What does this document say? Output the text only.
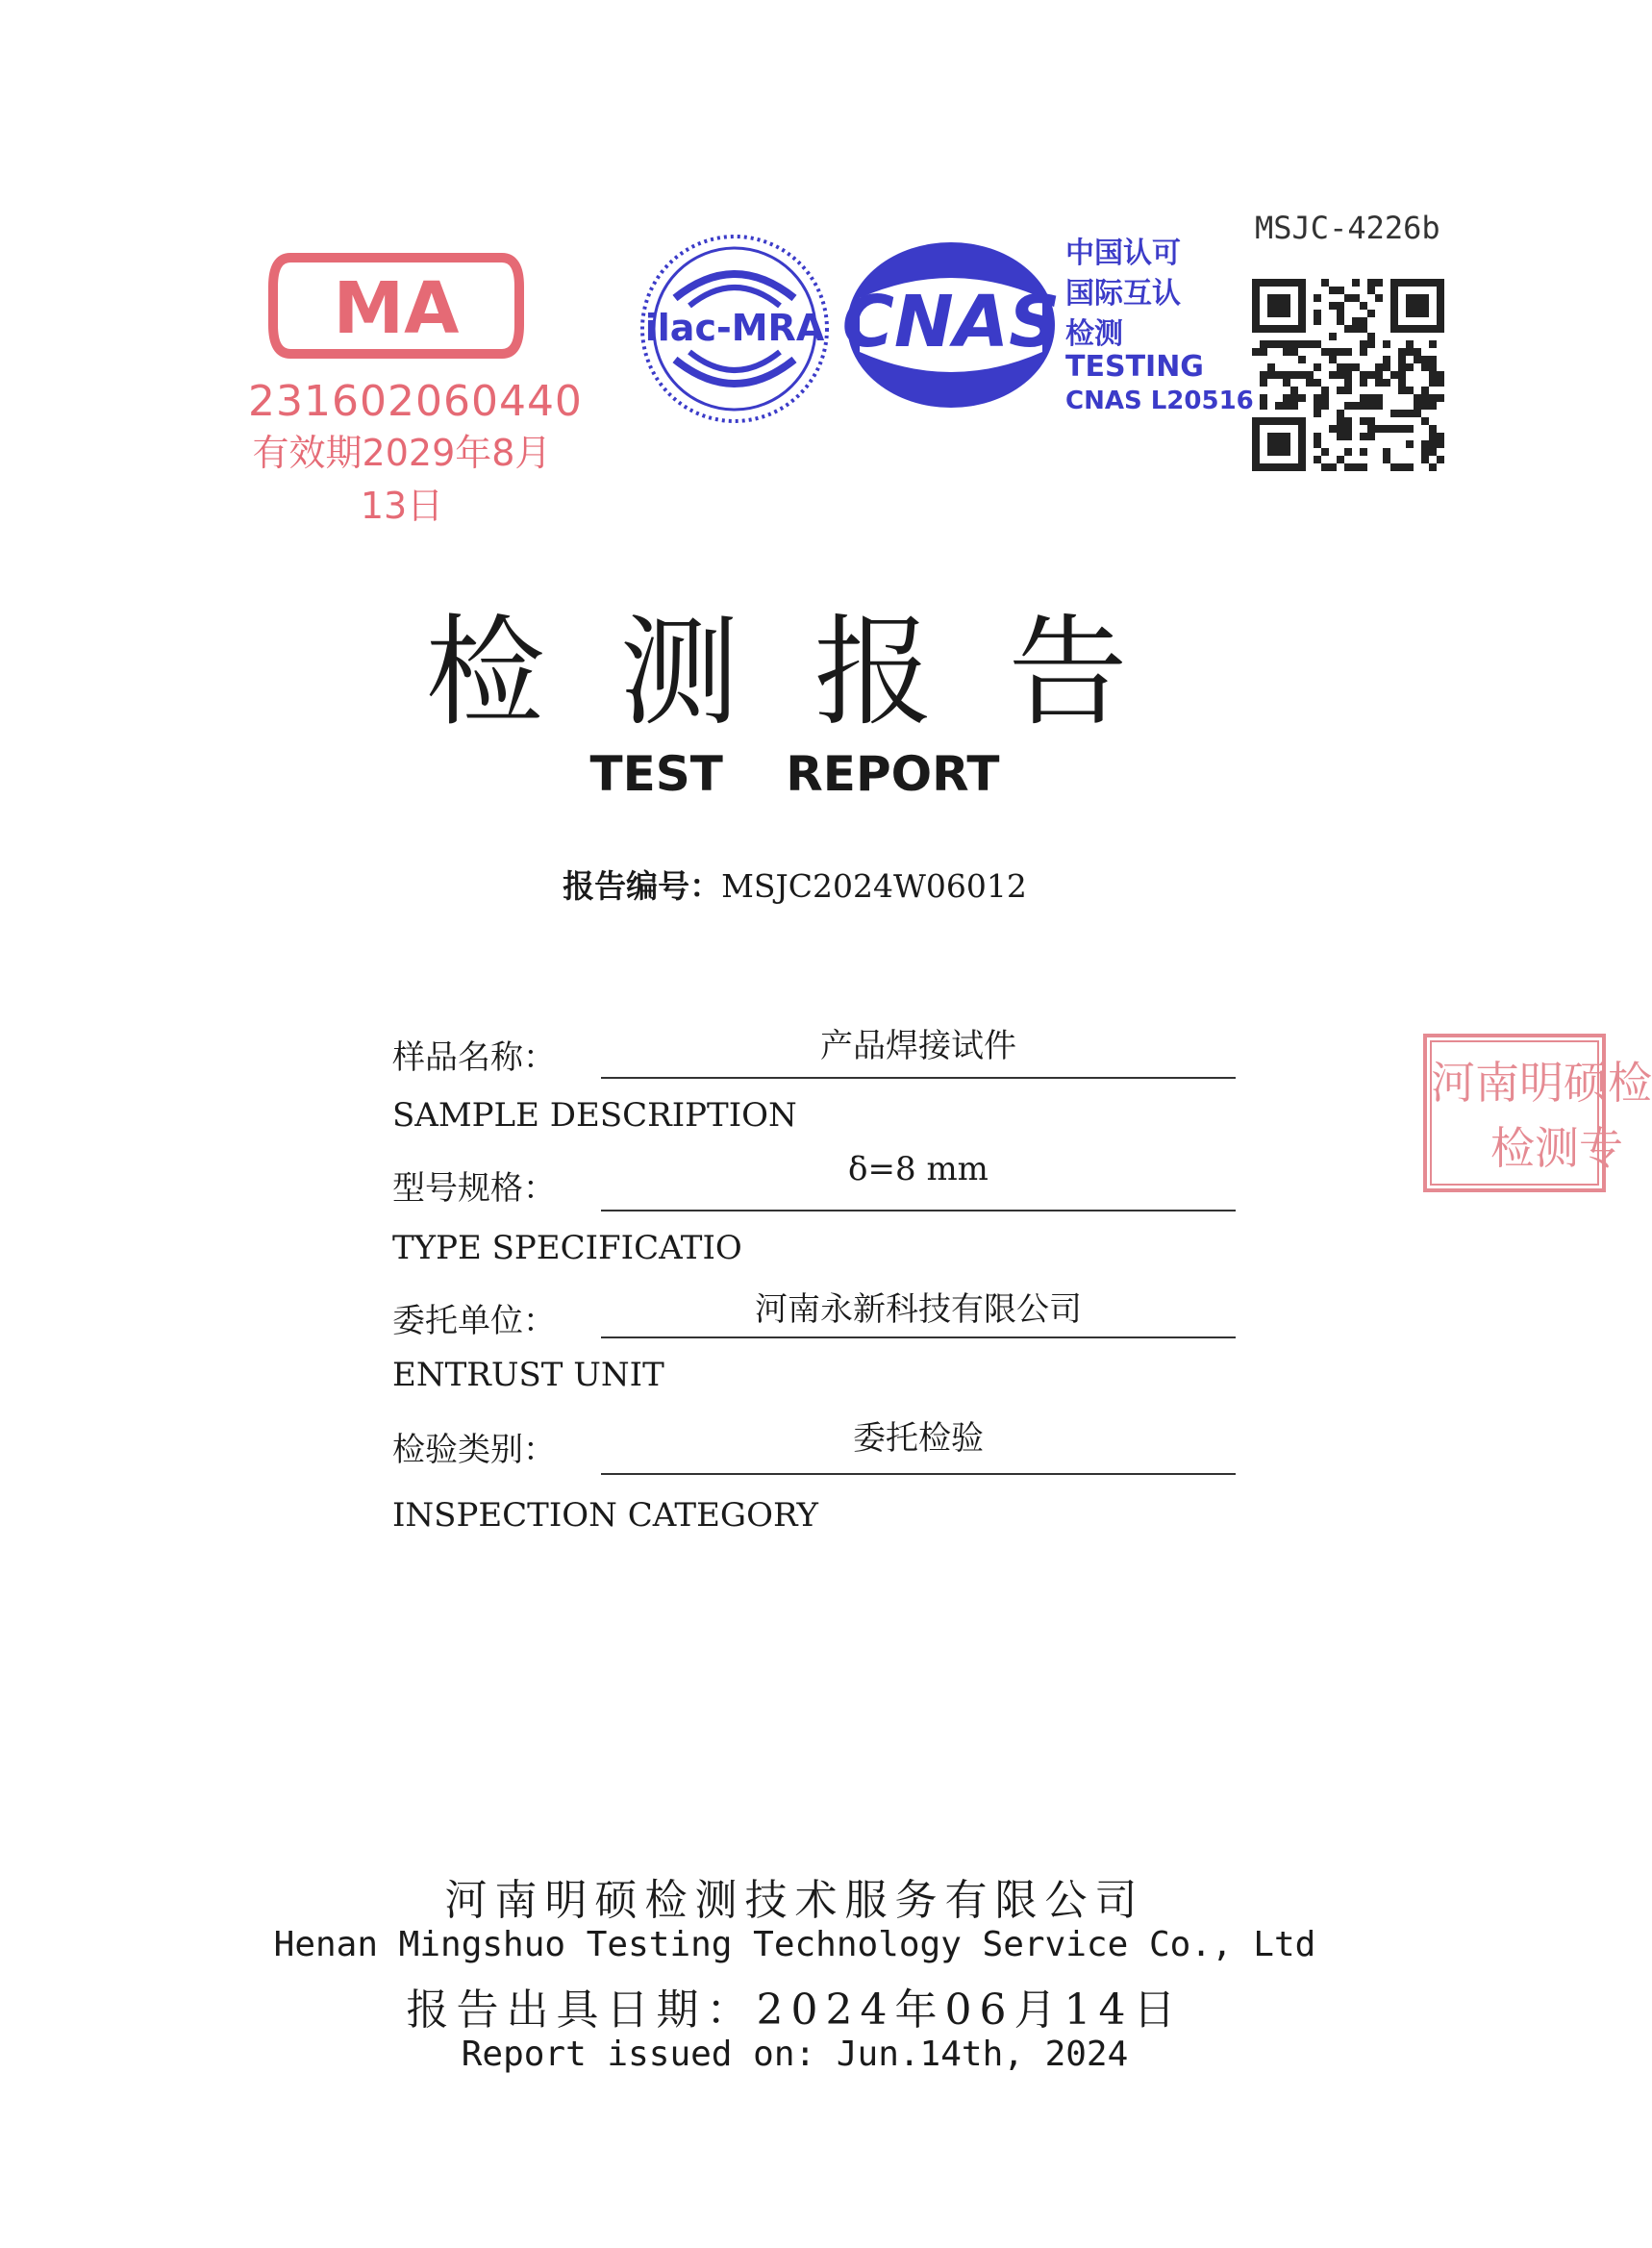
MA
231602060440
有效期2029年8月13日
ilac-MRA CNAS
中国认可
国际互认
检测
TESTING
CNAS L20516
MSJC-4226b
检测报告
TEST REPORT
报告编号：MSJC2024W06012
样品名称：	产品焊接试件
SAMPLE DESCRIPTION
型号规格：	δ=8 mm
TYPE SPECIFICATIO
委托单位：	河南永新科技有限公司
ENTRUST UNIT
检验类别：	委托检验
INSPECTION CATEGORY
河南明硕检
检测专
河南明硕检测技术服务有限公司
Henan Mingshuo Testing Technology Service Co., Ltd
报告出具日期：2024年06月14日
Report issued on: Jun.14th, 2024
